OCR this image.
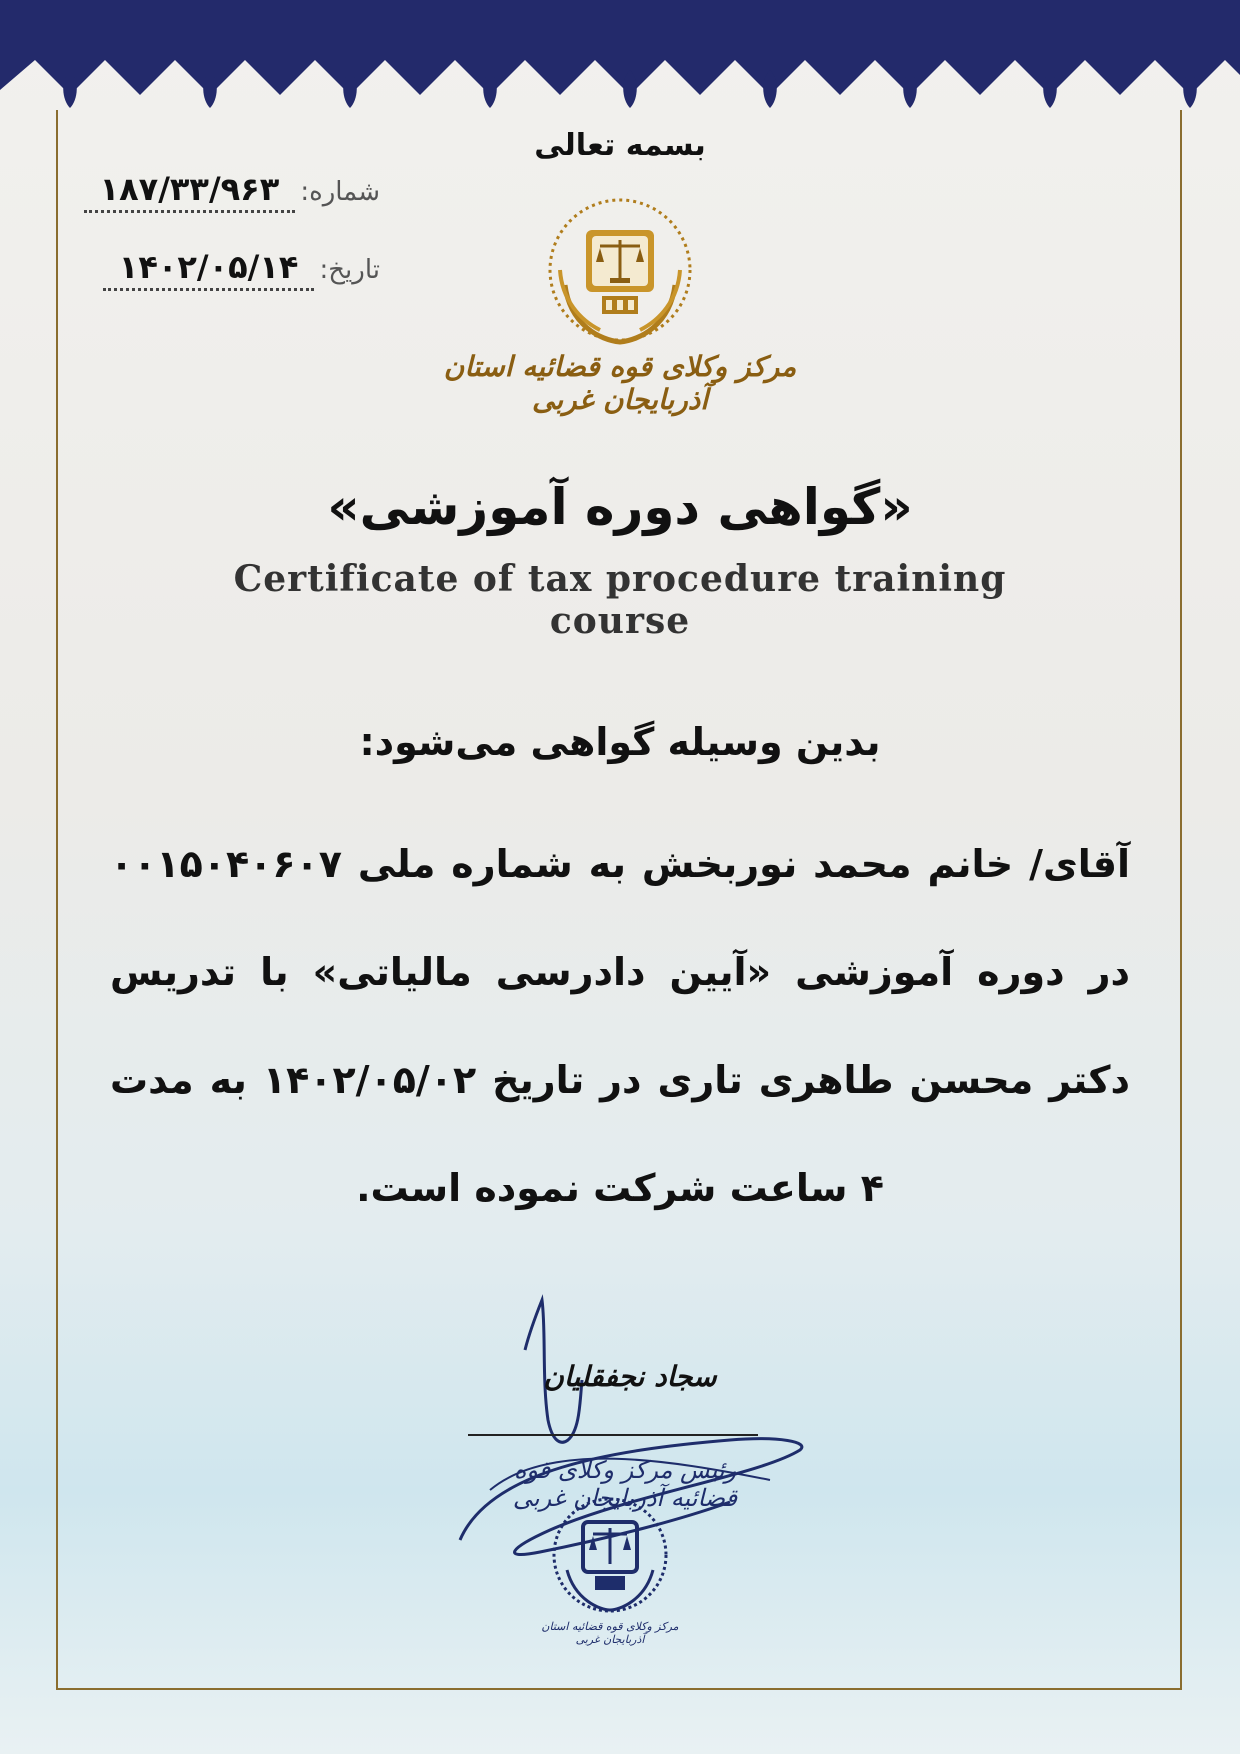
بسمه تعالی
شماره: ۱۸۷/۳۳/۹۶۳
تاریخ: ۱۴۰۲/۰۵/۱۴
مرکز وکلای قوه قضائیه استان آذربایجان غربی
«گواهی دوره آموزشی»
Certificate of tax procedure training course
بدین وسیله گواهی می‌شود:
آقای/ خانم محمد نوربخش به شماره ملی ۰۰۱۵۰۴۰۶۰۷ در دوره آموزشی «آیین دادرسی مالیاتی» با تدریس دکتر محسن طاهری تاری در تاریخ ۱۴۰۲/۰۵/۰۲ به مدت ۴ ساعت شرکت نموده است.
سجاد نجفقلیان
رئیس مرکز وکلای قوه قضائیه آذربایجان غربی
مرکز وکلای قوه قضائیه استان آذربایجان غربی
